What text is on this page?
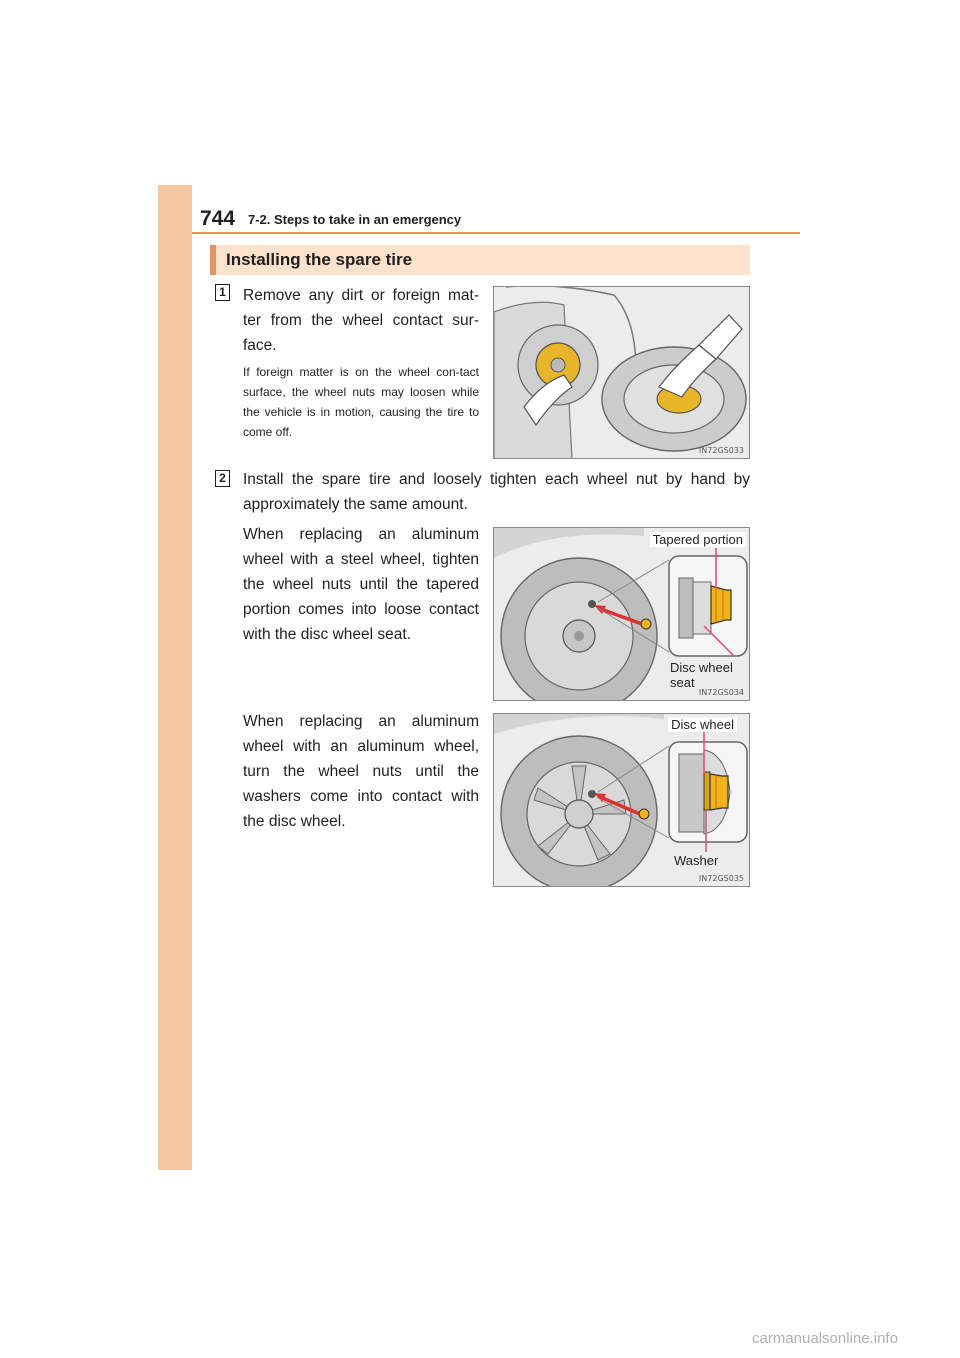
744 7-2. Steps to take in an emergency
Installing the spare tire
1 Remove any dirt or foreign mat-ter from the wheel contact sur-face.
If foreign matter is on the wheel con-tact surface, the wheel nuts may loosen while the vehicle is in motion, causing the tire to come off.
IN72GS033
2 Install the spare tire and loosely tighten each wheel nut by hand by approximately the same amount.
When replacing an aluminum wheel with a steel wheel, tighten the wheel nuts until the tapered portion comes into loose contact with the disc wheel seat.
Tapered portion
Disc wheel seat
IN72GS034
When replacing an aluminum wheel with an aluminum wheel, turn the wheel nuts until the washers come into contact with the disc wheel.
Disc wheel
Washer
IN72GS035
carmanualsonline.info
